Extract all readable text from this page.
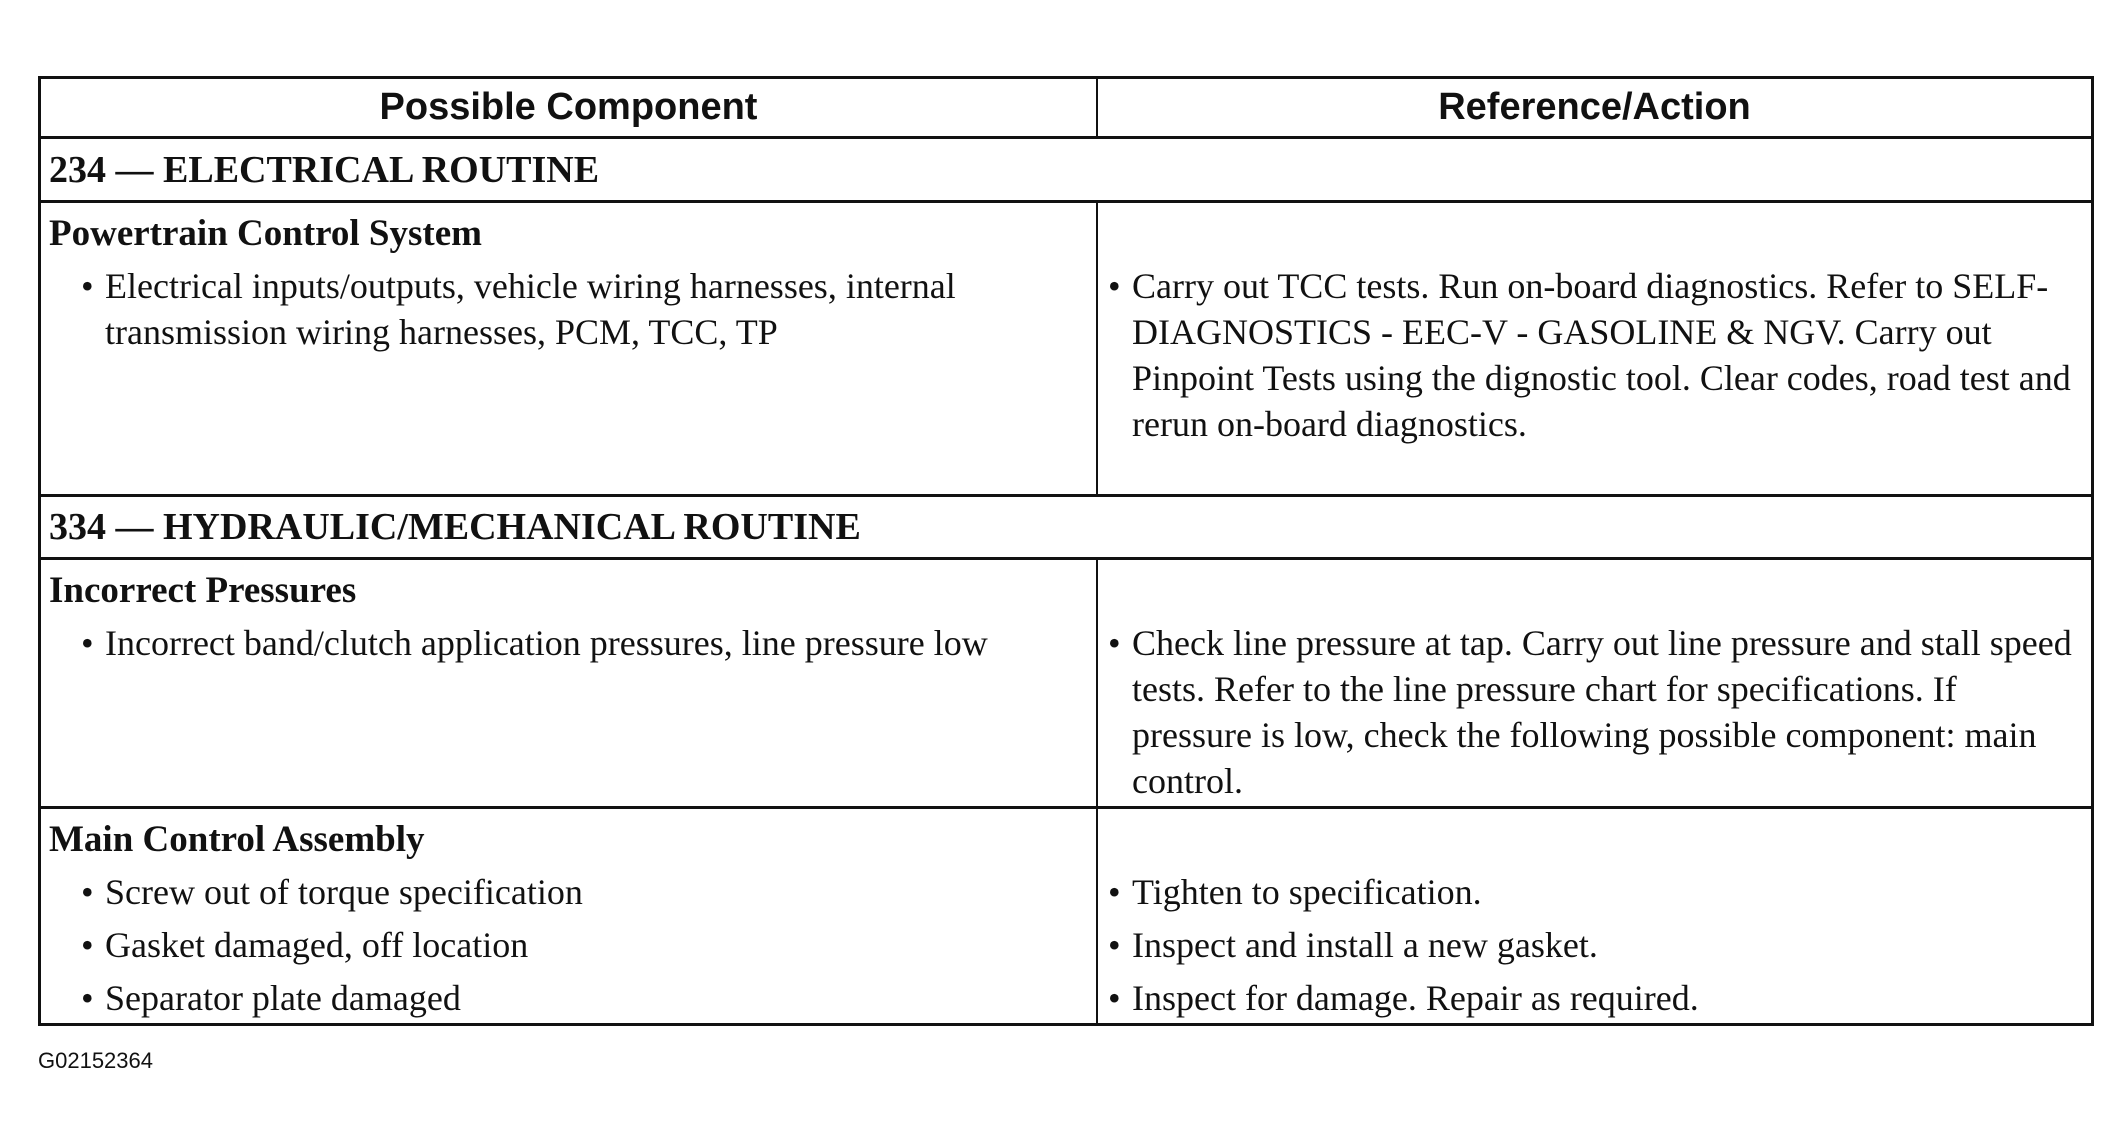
Possible Component	Reference/Action
234 — ELECTRICAL ROUTINE
Powertrain Control System
• Electrical inputs/outputs, vehicle wiring harnesses, internal transmission wiring harnesses, PCM, TCC, TP
• Carry out TCC tests. Run on-board diagnostics. Refer to SELF-DIAGNOSTICS - EEC-V - GASOLINE & NGV. Carry out Pinpoint Tests using the dignostic tool. Clear codes, road test and rerun on-board diagnostics.
334 — HYDRAULIC/MECHANICAL ROUTINE
Incorrect Pressures
• Incorrect band/clutch application pressures, line pressure low	• Check line pressure at tap. Carry out line pressure and stall speed tests. Refer to the line pressure chart for specifications. If pressure is low, check the following possible component: main control.
Main Control Assembly
• Screw out of torque specification
• Gasket damaged, off location
• Separator plate damaged
• Tighten to specification.
• Inspect and install a new gasket.
• Inspect for damage. Repair as required.
G02152364
